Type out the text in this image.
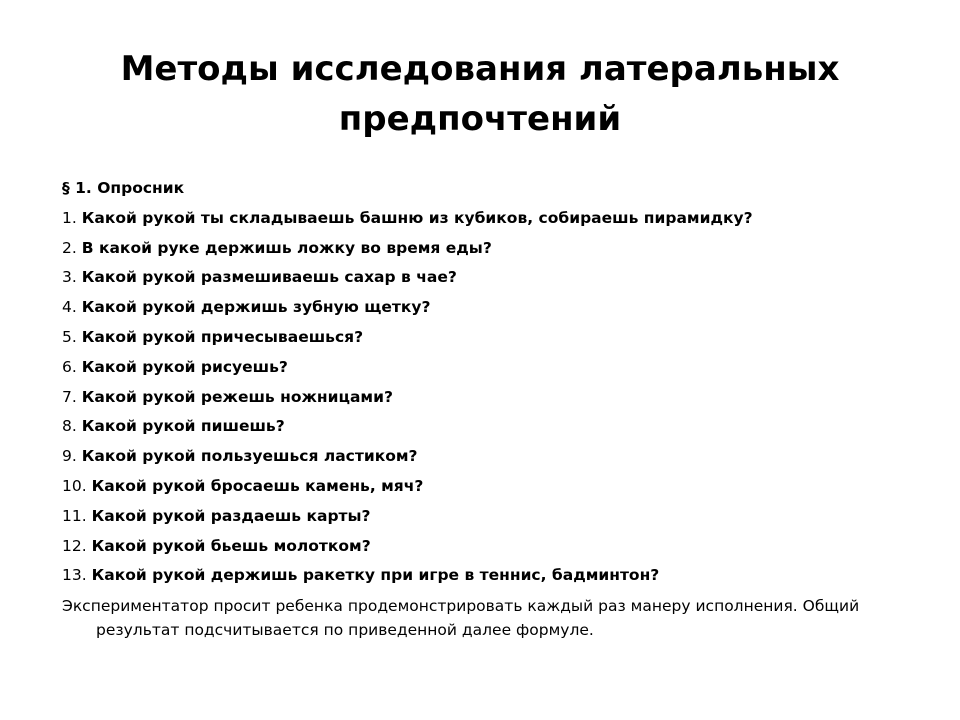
Методы исследования латеральных предпочтений
§ 1. Опросник
1. Какой рукой ты складываешь башню из кубиков, собираешь пирамидку?
2. В какой руке держишь ложку во время еды?
3. Какой рукой размешиваешь сахар в чае?
4. Какой рукой держишь зубную щетку?
5. Какой рукой причесываешься?
6. Какой рукой рисуешь?
7. Какой рукой режешь ножницами?
8. Какой рукой пишешь?
9. Какой рукой пользуешься ластиком?
10. Какой рукой бросаешь камень, мяч?
11. Какой рукой раздаешь карты?
12. Какой рукой бьешь молотком?
13. Какой рукой держишь ракетку при игре в теннис, бадминтон?
Экспериментатор просит ребенка продемонстрировать каждый раз манеру исполнения. Общий результат подсчитывается по приведенной далее формуле.
